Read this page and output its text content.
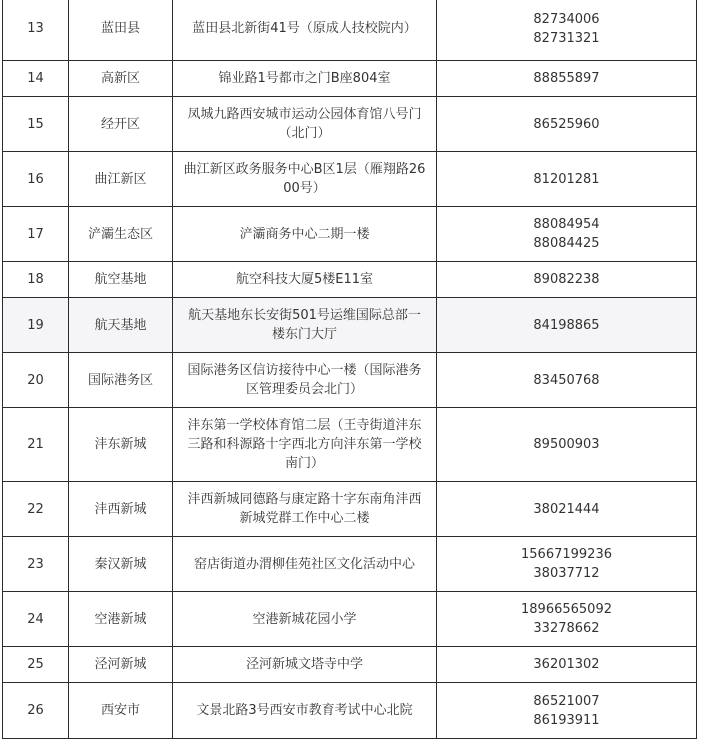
13	蓝田县	蓝田县北新街41号（原成人技校院内）	82734006
82731321

14	高新区	锦业路1号都市之门B座804室	88855897

15	经开区	凤城九路西安城市运动公园体育馆八号门（北门）	86525960

16	曲江新区	曲江新区政务服务中心B区1层（雁翔路2600号）	81201281

17	浐灞生态区	浐灞商务中心二期一楼	88084954
88084425

18	航空基地	航空科技大厦5楼E11室	89082238

19	航天基地	航天基地东长安街501号运维国际总部一楼东门大厅	84198865

20	国际港务区	国际港务区信访接待中心一楼（国际港务区管理委员会北门）	83450768

21	沣东新城	沣东第一学校体育馆二层（王寺街道沣东三路和科源路十字西北方向沣东第一学校南门）	89500903

22	沣西新城	沣西新城同德路与康定路十字东南角沣西新城党群工作中心二楼	38021444

23	秦汉新城	窑店街道办渭柳佳苑社区文化活动中心	15667199236
38037712

24	空港新城	空港新城花园小学	18966565092
33278662

25	泾河新城	泾河新城文塔寺中学	36201302

26	西安市	文景北路3号西安市教育考试中心北院	86521007
86193911
